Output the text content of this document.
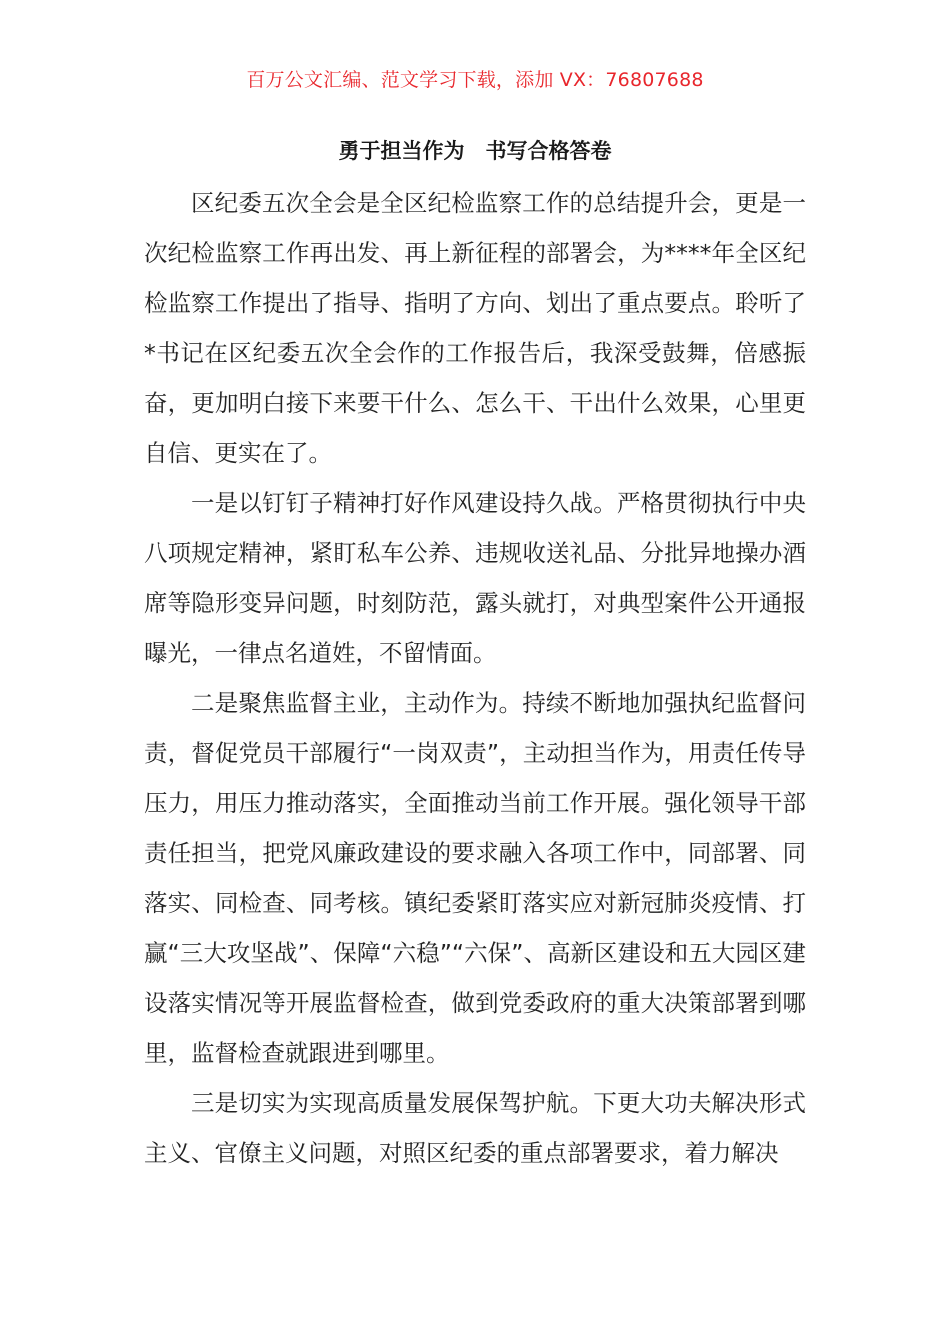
百万公文汇编、范文学习下载，添加 VX：76807688
勇于担当作为　书写合格答卷

区纪委五次全会是全区纪检监察工作的总结提升会，更是一次纪检监察工作再出发、再上新征程的部署会，为****年全区纪检监察工作提出了指导、指明了方向、划出了重点要点。聆听了*书记在区纪委五次全会作的工作报告后，我深受鼓舞，倍感振奋，更加明白接下来要干什么、怎么干、干出什么效果，心里更自信、更实在了。

一是以钉钉子精神打好作风建设持久战。严格贯彻执行中央八项规定精神，紧盯私车公养、违规收送礼品、分批异地操办酒席等隐形变异问题，时刻防范，露头就打，对典型案件公开通报曝光，一律点名道姓，不留情面。

二是聚焦监督主业，主动作为。持续不断地加强执纪监督问责，督促党员干部履行“一岗双责”，主动担当作为，用责任传导压力，用压力推动落实，全面推动当前工作开展。强化领导干部责任担当，把党风廉政建设的要求融入各项工作中，同部署、同落实、同检查、同考核。镇纪委紧盯落实应对新冠肺炎疫情、打赢“三大攻坚战”、保障“六稳”“六保”、高新区建设和五大园区建设落实情况等开展监督检查，做到党委政府的重大决策部署到哪里，监督检查就跟进到哪里。

三是切实为实现高质量发展保驾护航。下更大功夫解决形式主义、官僚主义问题，对照区纪委的重点部署要求，着力解决
